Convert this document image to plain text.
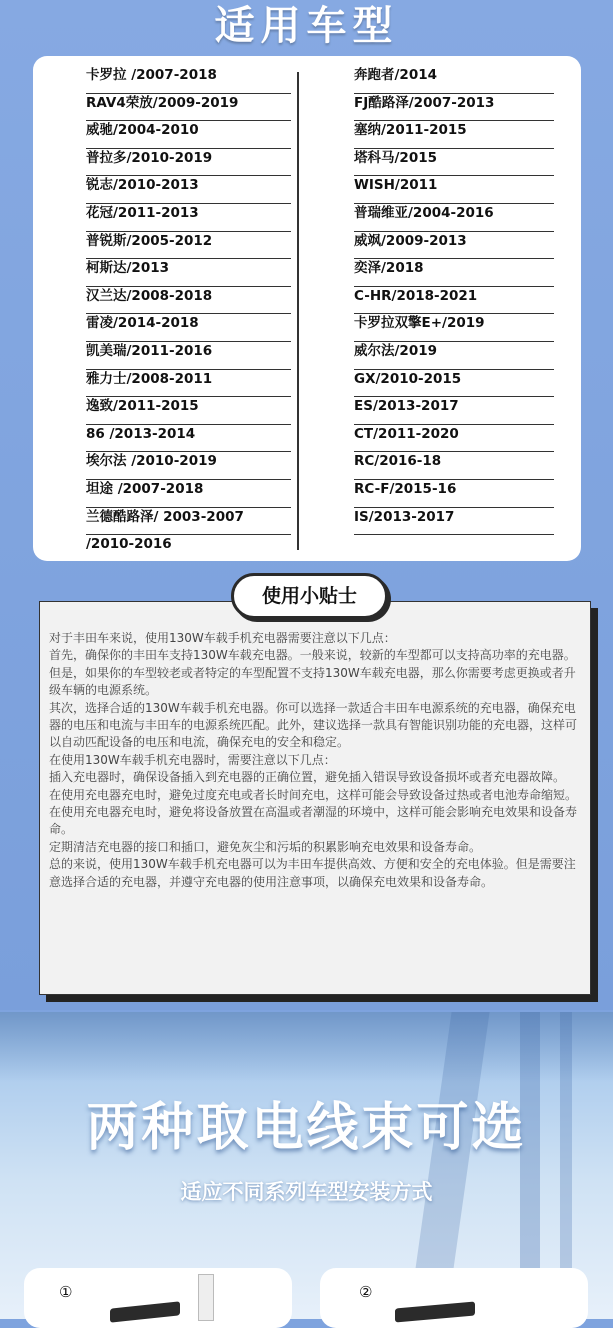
适用车型
卡罗拉 /2007-2018
RAV4荣放/2009-2019
威驰/2004-2010
普拉多/2010-2019
锐志/2010-2013
花冠/2011-2013
普锐斯/2005-2012
柯斯达/2013
汉兰达/2008-2018
雷凌/2014-2018
凯美瑞/2011-2016
雅力士/2008-2011
逸致/2011-2015
86 /2013-2014
埃尔法 /2010-2019
坦途 /2007-2018
兰德酷路泽/ 2003-2007
/2010-2016
奔跑者/2014
FJ酷路泽/2007-2013
塞纳/2011-2015
塔科马/2015
WISH/2011
普瑞维亚/2004-2016
威飒/2009-2013
奕泽/2018
C-HR/2018-2021
卡罗拉双擎E+/2019
威尔法/2019
GX/2010-2015
ES/2013-2017
CT/2011-2020
RC/2016-18
RC-F/2015-16
IS/2013-2017
使用小贴士

对于丰田车来说，使用130W车载手机充电器需要注意以下几点：

首先，确保你的丰田车支持130W车载充电器。一般来说，较新的车型都可以支持高功率的充电器。但是，如果你的车型较老或者特定的车型配置不支持130W车载充电器，那么你需要考虑更换或者升级车辆的电源系统。

其次，选择合适的130W车载手机充电器。你可以选择一款适合丰田车电源系统的充电器，确保充电器的电压和电流与丰田车的电源系统匹配。此外，建议选择一款具有智能识别功能的充电器，这样可以自动匹配设备的电压和电流，确保充电的安全和稳定。

在使用130W车载手机充电器时，需要注意以下几点：

插入充电器时，确保设备插入到充电器的正确位置，避免插入错误导致设备损坏或者充电器故障。

在使用充电器充电时，避免过度充电或者长时间充电，这样可能会导致设备过热或者电池寿命缩短。

在使用充电器充电时，避免将设备放置在高温或者潮湿的环境中，这样可能会影响充电效果和设备寿命。

定期清洁充电器的接口和插口，避免灰尘和污垢的积累影响充电效果和设备寿命。

总的来说，使用130W车载手机充电器可以为丰田车提供高效、方便和安全的充电体验。但是需要注意选择合适的充电器，并遵守充电器的使用注意事项，以确保充电效果和设备寿命。

两种取电线束可选
适应不同系列车型安装方式
①	②
